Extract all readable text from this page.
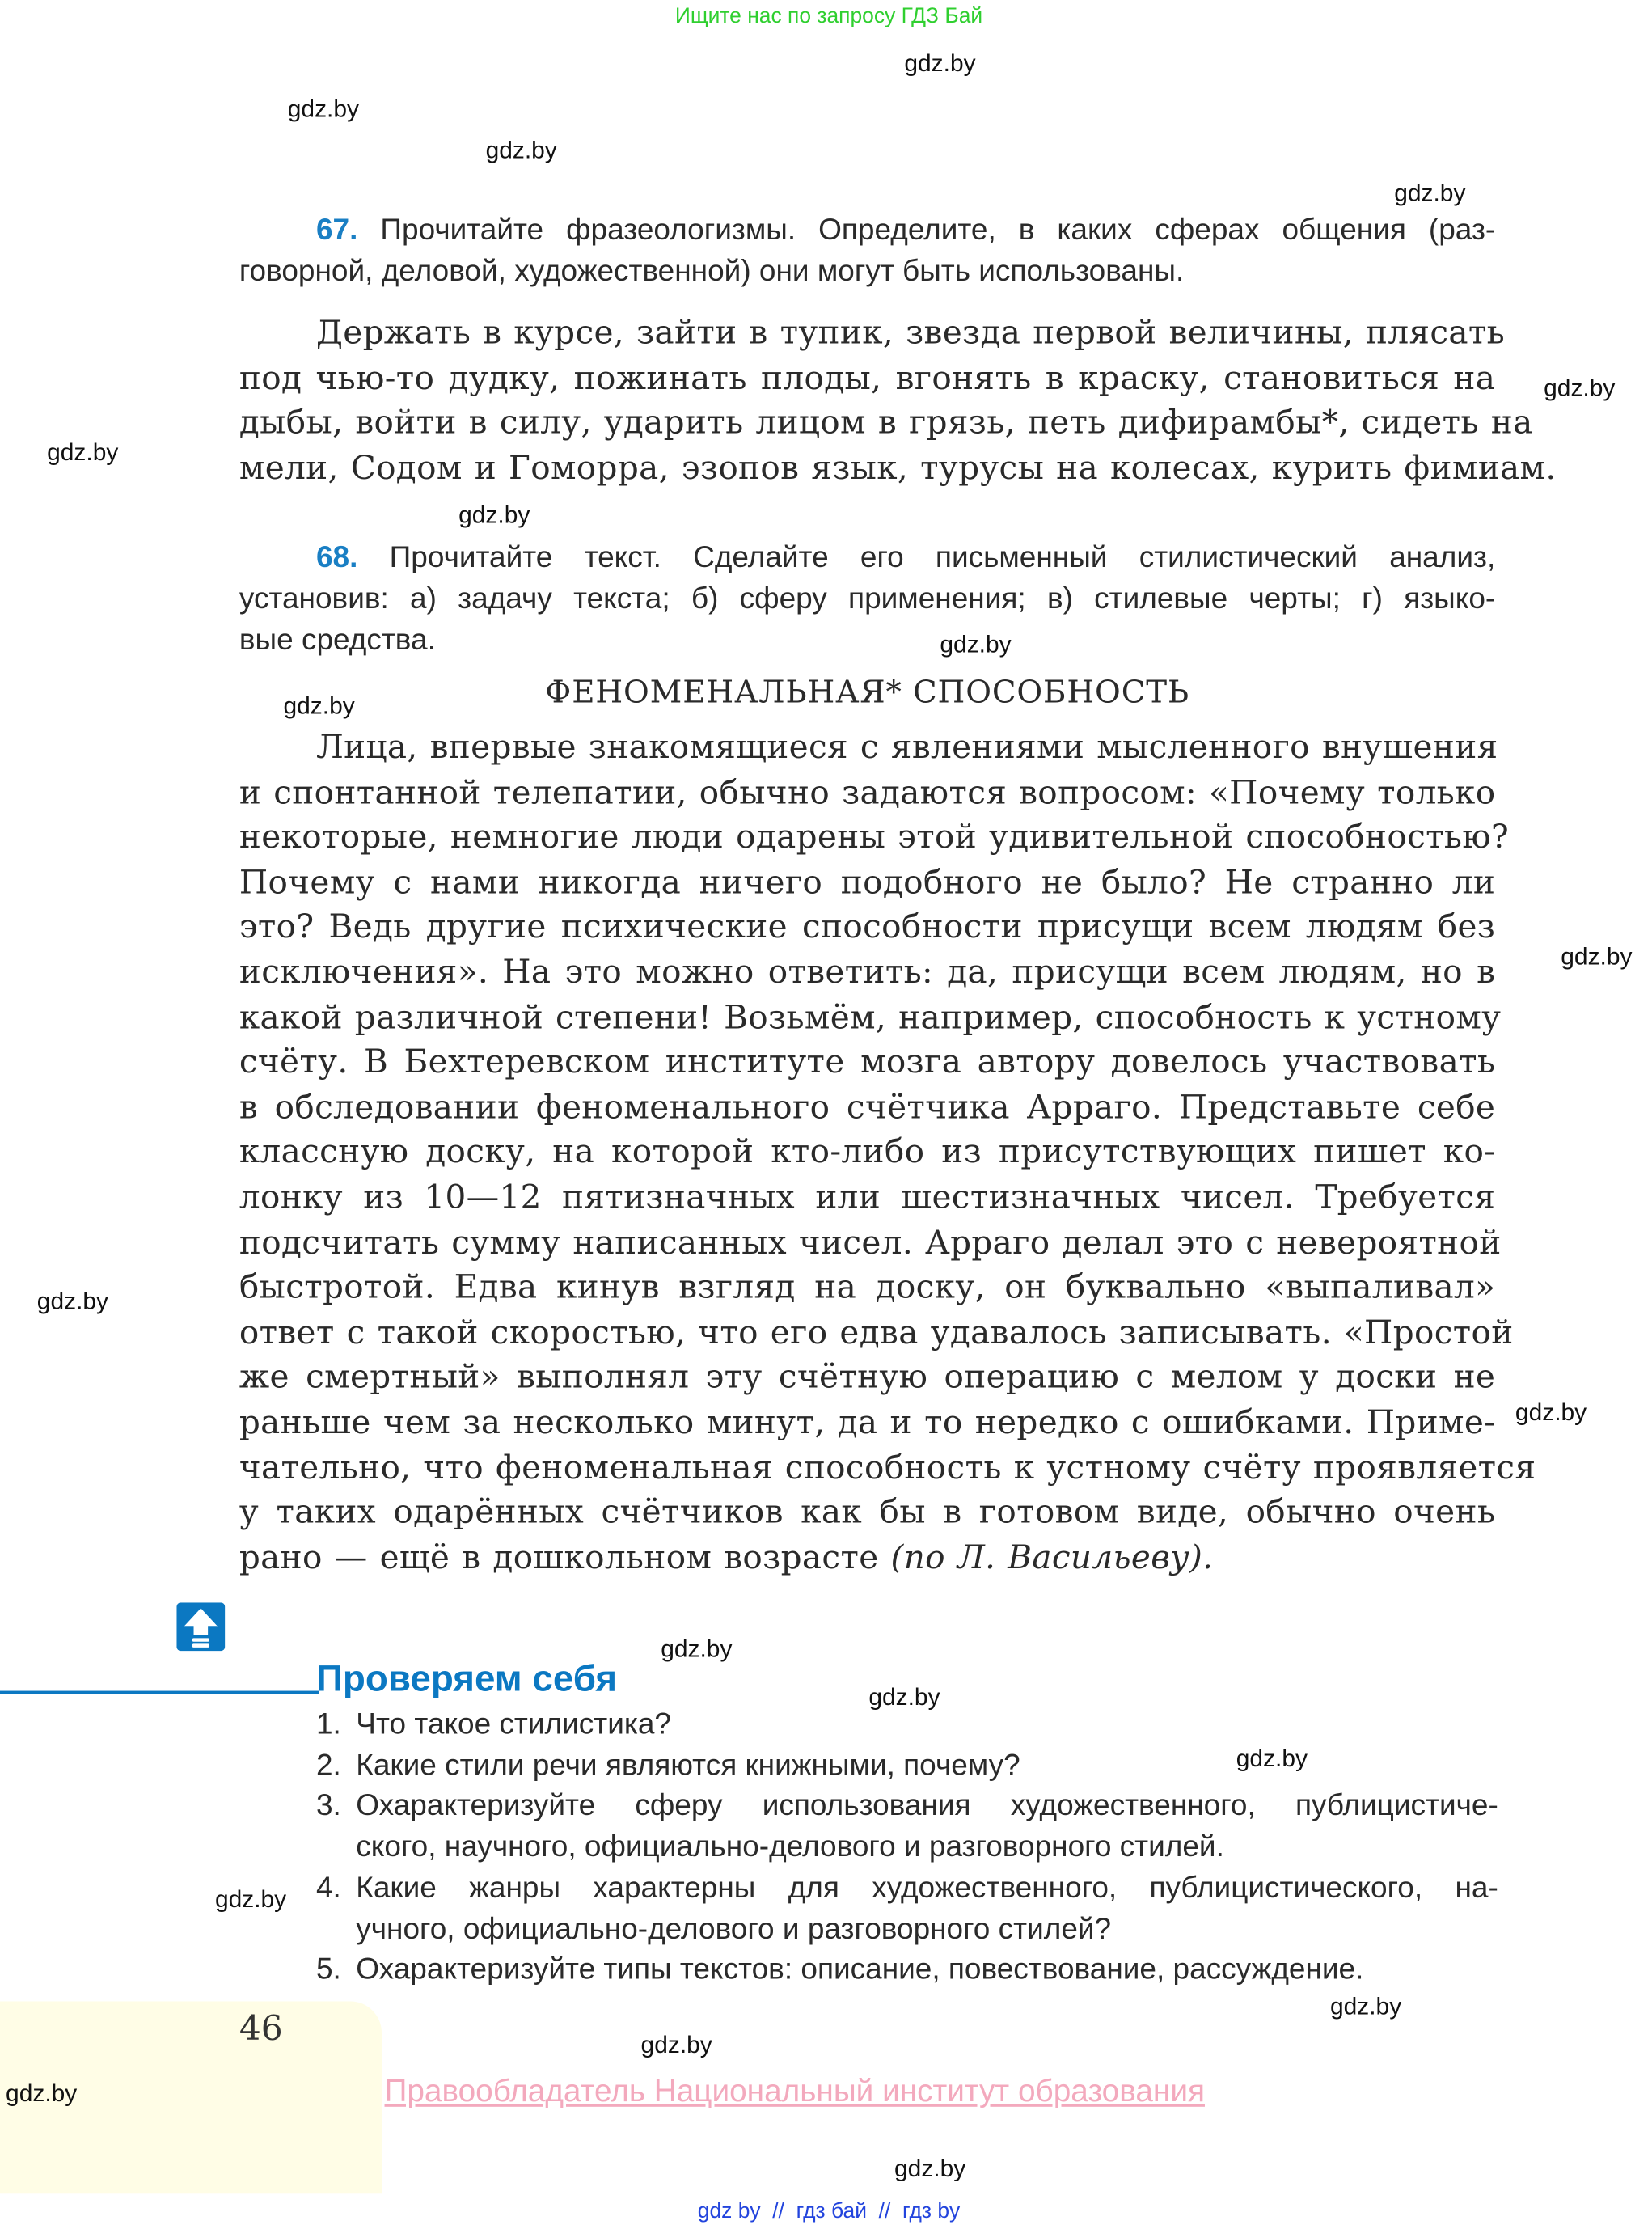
Ищите нас по запросу ГДЗ Бай
67. Прочитайте фразеологизмы. Определите, в каких сферах общения (раз-
говорной, деловой, художественной) они могут быть использованы.
Держать в курсе, зайти в тупик, звезда первой величины, плясать
под чью-то дудку, пожинать плоды, вгонять в краску, становиться на
дыбы, войти в силу, ударить лицом в грязь, петь дифирамбы*, сидеть на
мели, Содом и Гоморра, эзопов язык, турусы на колесах, курить фимиам.
68. Прочитайте текст. Сделайте его письменный стилистический анализ,
установив: а) задачу текста; б) сферу применения; в) стилевые черты; г) языко-
вые средства.
ФЕНОМЕНАЛЬНАЯ* СПОСОБНОСТЬ
Лица, впервые знакомящиеся с явлениями мысленного внушения
и спонтанной телепатии, обычно задаются вопросом: «Почему только
некоторые, немногие люди одарены этой удивительной способностью?
Почему с нами никогда ничего подобного не было? Не странно ли
это? Ведь другие психические способности присущи всем людям без
исключения». На это можно ответить: да, присущи всем людям, но в
какой различной степени! Возьмём, например, способность к устному
счёту. В Бехтеревском институте мозга автору довелось участвовать
в обследовании феноменального счётчика Арраго. Представьте себе
классную доску, на которой кто-либо из присутствующих пишет ко-
лонку из 10—12 пятизначных или шестизначных чисел. Требуется
подсчитать сумму написанных чисел. Арраго делал это с невероятной
быстротой. Едва кинув взгляд на доску, он буквально «выпаливал»
ответ с такой скоростью, что его едва удавалось записывать. «Простой
же смертный» выполнял эту счётную операцию с мелом у доски не
раньше чем за несколько минут, да и то нередко с ошибками. Приме-
чательно, что феноменальная способность к устному счёту проявляется
у таких одарённых счётчиков как бы в готовом виде, обычно очень
рано — ещё в дошкольном возрасте (по Л. Васильеву).
Проверяем себя
1. Что такое стилистика?
2. Какие стили речи являются книжными, почему?
3. Охарактеризуйте сферу использования художественного, публицистиче-
ского, научного, официально-делового и разговорного стилей.
4. Какие жанры характерны для художественного, публицистического, на-
учного, официально-делового и разговорного стилей?
5. Охарактеризуйте типы текстов: описание, повествование, рассуждение.
46
Правообладатель Национальный институт образования
gdz by  //  гдз бай  //  гдз by
gdz.by
gdz.by
gdz.by
gdz.by
gdz.by
gdz.by
gdz.by
gdz.by
gdz.by
gdz.by
gdz.by
gdz.by
gdz.by
gdz.by
gdz.by
gdz.by
gdz.by
gdz.by
gdz.by
gdz.by
